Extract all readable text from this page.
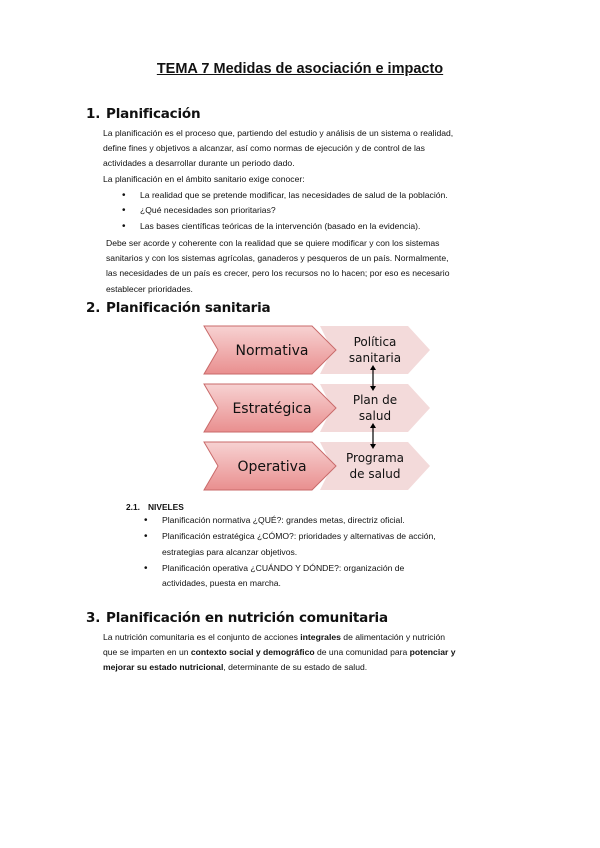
TEMA 7 Medidas de asociación e impacto
1. Planificación
La planificación es el proceso que, partiendo del estudio y análisis de un sistema o realidad,
define fines y objetivos a alcanzar, así como normas de ejecución y de control de las
actividades a desarrollar durante un periodo dado.
La planificación en el ámbito sanitario exige conocer:
• La realidad que se pretende modificar, las necesidades de salud de la población.
• ¿Qué necesidades son prioritarias?
• Las bases científicas teóricas de la intervención (basado en la evidencia).
Debe ser acorde y coherente con la realidad que se quiere modificar y con los sistemas
sanitarios y con los sistemas agrícolas, ganaderos y pesqueros de un país. Normalmente,
las necesidades de un país es crecer, pero los recursos no lo hacen; por eso es necesario
establecer prioridades.
2. Planificación sanitaria
Normativa
Estratégica
Operativa
Política
sanitaria
Plan de
salud
Programa
de salud
2.1. NIVELES
• Planificación normativa ¿QUÉ?: grandes metas, directriz oficial.
• Planificación estratégica ¿CÓMO?: prioridades y alternativas de acción,
estrategias para alcanzar objetivos.
• Planificación operativa ¿CUÁNDO Y DÓNDE?: organización de
actividades, puesta en marcha.
3. Planificación en nutrición comunitaria
La nutrición comunitaria es el conjunto de acciones integrales de alimentación y nutrición
que se imparten en un contexto social y demográfico de una comunidad para potenciar y
mejorar su estado nutricional, determinante de su estado de salud.
